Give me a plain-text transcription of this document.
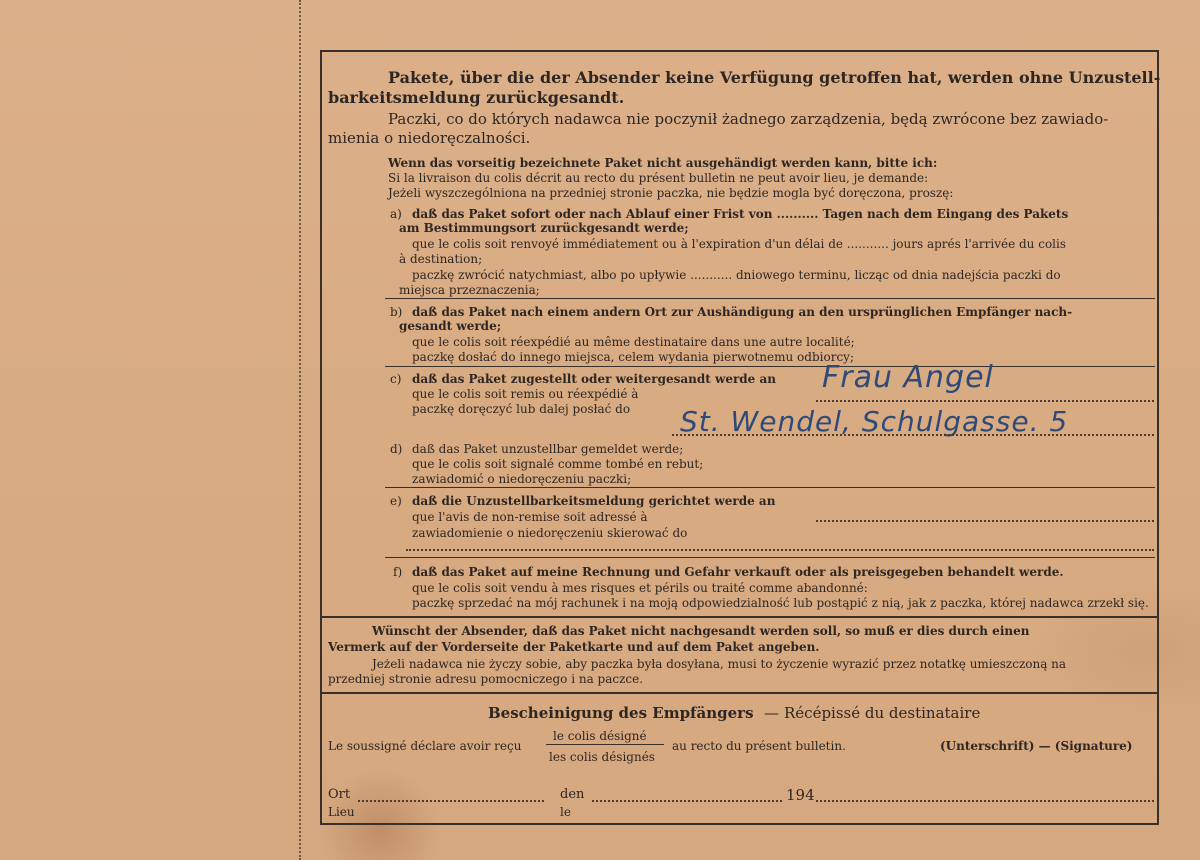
Pakete, über die der Absender keine Verfügung getroffen hat, werden ohne Unzustell-
barkeitsmeldung zurückgesandt.
Paczki, co do których nadawca nie poczynił żadnego zarządzenia, będą zwrócone bez zawiado-
mienia o niedoręczalności.
Wenn das vorseitig bezeichnete Paket nicht ausgehändigt werden kann, bitte ich:
Si la livraison du colis décrit au recto du présent bulletin ne peut avoir lieu, je demande:
Jeżeli wyszczególniona na przedniej stronie paczka, nie będzie mogla być doręczona, proszę:
a) daß das Paket sofort oder nach Ablauf einer Frist von .......... Tagen nach dem Eingang des Pakets
am Bestimmungsort zurückgesandt werde;
que le colis soit renvoyé immédiatement ou à l'expiration d'un délai de ........... jours aprés l'arrivée du colis
à destination;
paczkę zwrócić natychmiast, albo po upływie ........... dniowego terminu, licząc od dnia nadejścia paczki do
miejsca przeznaczenia;
b) daß das Paket nach einem andern Ort zur Aushändigung an den ursprünglichen Empfänger nach-
gesandt werde;
que le colis soit réexpédié au même destinataire dans une autre localité;
paczkę dosłać do innego miejsca, celem wydania pierwotnemu odbiorcy;
c) daß das Paket zugestellt oder weitergesandt werde an
que le colis soit remis ou réexpédié à
paczkę doręczyć lub dalej posłać do
Frau Angel
St. Wendel, Schulgasse. 5
d) daß das Paket unzustellbar gemeldet werde;
que le colis soit signalé comme tombé en rebut;
zawiadomić o niedoręczeniu paczki;
e) daß die Unzustellbarkeitsmeldung gerichtet werde an
que l'avis de non-remise soit adressé à
zawiadomienie o niedoręczeniu skierować do
f) daß das Paket auf meine Rechnung und Gefahr verkauft oder als preisgegeben behandelt werde.
que le colis soit vendu à mes risques et périls ou traité comme abandonné:
paczkę sprzedać na mój rachunek i na moją odpowiedzialność lub postąpić z nią, jak z paczka, której nadawca zrzekł się.
Wünscht der Absender, daß das Paket nicht nachgesandt werden soll, so muß er dies durch einen
Vermerk auf der Vorderseite der Paketkarte und auf dem Paket angeben.
Jeżeli nadawca nie życzy sobie, aby paczka była dosyłana, musi to życzenie wyrazić przez notatkę umieszczoną na
przedniej stronie adresu pomocniczego i na paczce.
Bescheinigung des Empfängers — Récépissé du destinataire
Le soussigné déclare avoir reçu
le colis désigné
les colis désignés
au recto du présent bulletin.	(Unterschrift) — (Signature)
Ort
Lieu
den
le
194
